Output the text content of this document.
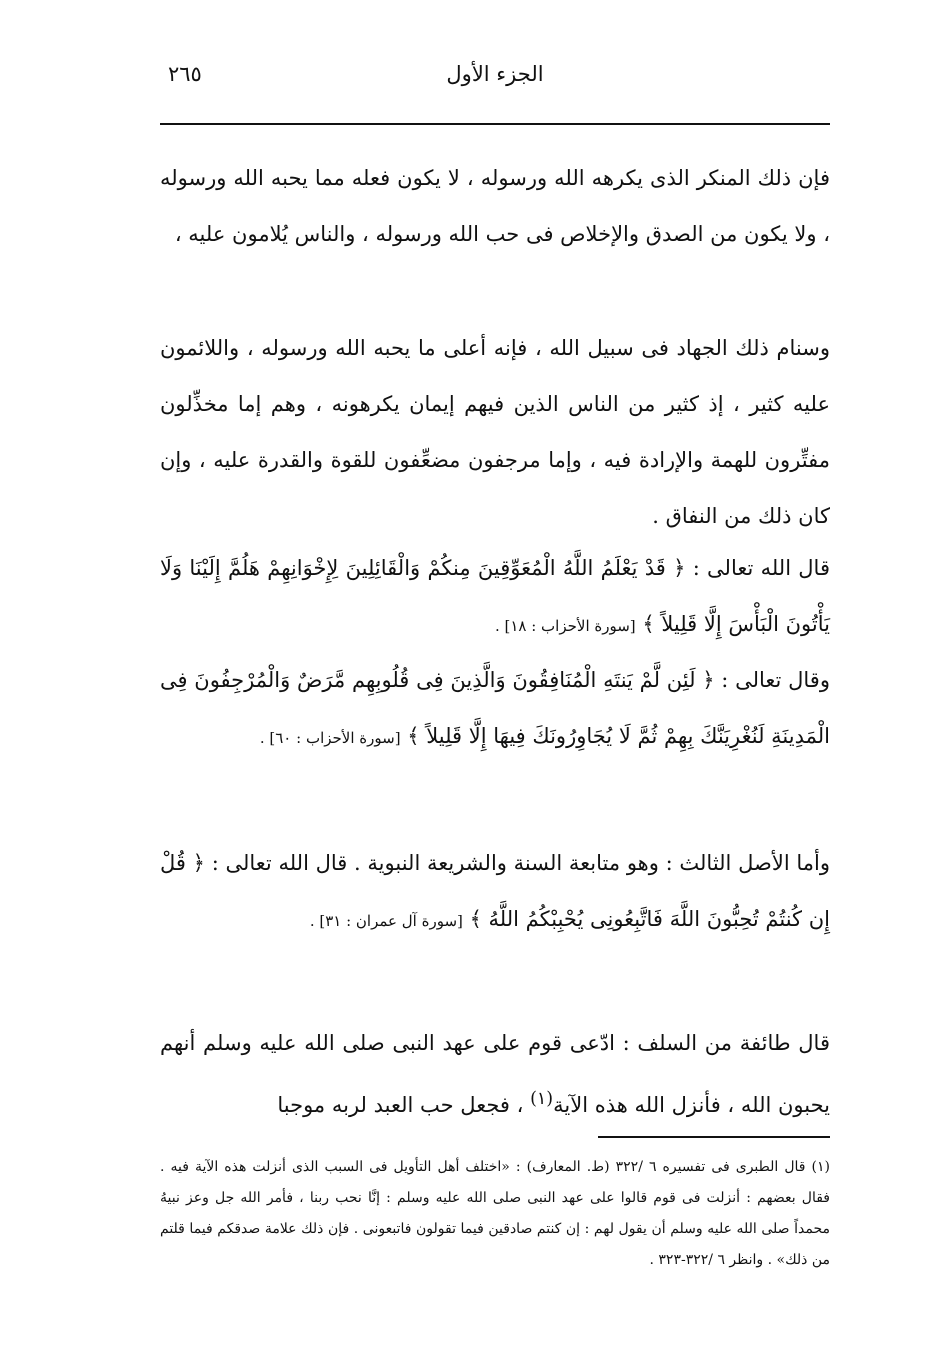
الجزء الأول
٢٦٥

فإن ذلك المنكر الذى يكرهه الله ورسوله ، لا يكون فعله مما يحبه الله ورسوله ، ولا يكون من الصدق والإخلاص فى حب الله ورسوله ، والناس يُلامون عليه ،

وسنام ذلك الجهاد فى سبيل الله ، فإنه أعلى ما يحبه الله ورسوله ، واللائمون عليه كثير ، إذ كثير من الناس الذين فيهم إيمان يكرهونه ، وهم إما مخذِّلون مفتِّرون للهمة والإرادة فيه ، وإما مرجفون مضعِّفون للقوة والقدرة عليه ، وإن كان ذلك من النفاق .

قال الله تعالى : ﴿ قَدْ يَعْلَمُ اللَّهُ الْمُعَوِّقِينَ مِنكُمْ وَالْقَائِلِينَ لِإِخْوَانِهِمْ هَلُمَّ إِلَيْنَا وَلَا يَأْتُونَ الْبَأْسَ إِلَّا قَلِيلاً ﴾ [سورة الأحزاب : ١٨] .

وقال تعالى : ﴿ لَئِن لَّمْ يَنتَهِ الْمُنَافِقُونَ وَالَّذِينَ فِى قُلُوبِهِم مَّرَضٌ وَالْمُرْجِفُونَ فِى الْمَدِينَةِ لَنُغْرِيَنَّكَ بِهِمْ ثُمَّ لَا يُجَاوِرُونَكَ فِيهَا إِلَّا قَلِيلاً ﴾ [سورة الأحزاب : ٦٠] .

وأما الأصل الثالث : وهو متابعة السنة والشريعة النبوية . قال الله تعالى : ﴿ قُلْ إِن كُنتُمْ تُحِبُّونَ اللَّهَ فَاتَّبِعُونِى يُحْبِبْكُمُ اللَّهُ ﴾ [سورة آل عمران : ٣١] .

قال طائفة من السلف : ادّعى قوم على عهد النبى صلى الله عليه وسلم أنهم يحبون الله ، فأنزل الله هذه الآية$^{(١)}$ ، فجعل حب العبد لربه موجبا

(١) قال الطبرى فى تفسيره ٦ /٣٢٢ (ط. المعارف) : «اختلف أهل التأويل فى السبب الذى أنزلت هذه الآية فيه . فقال بعضهم : أنزلت فى قوم قالوا على عهد النبى صلى الله عليه وسلم : إنَّا نحب ربنا ، فأمر الله جل وعز نبيهُ محمداً صلى الله عليه وسلم أن يقول لهم : إن كنتم صادقين فيما تقولون فاتبعونى . فإن ذلك علامة صدقكم فيما قلتم من ذلك» . وانظر ٦ /٣٢٢-٣٢٣ .
